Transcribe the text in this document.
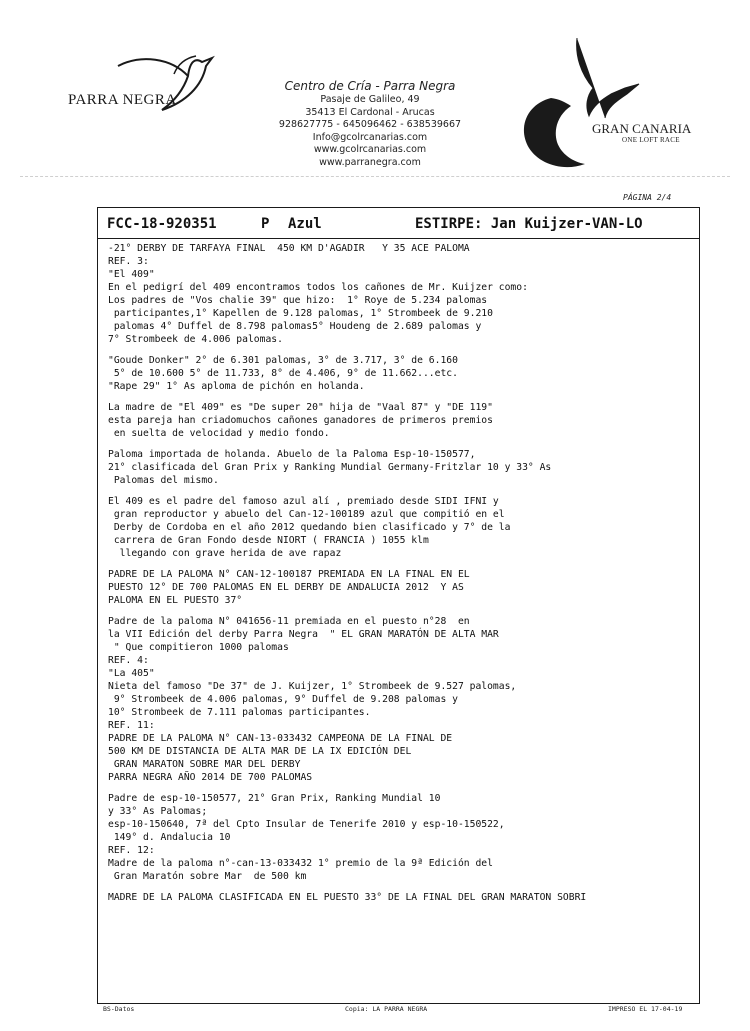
PARRA NEGRA
Centro de Cría - Parra Negra
Pasaje de Galileo, 49
35413 El Cardonal - Arucas
928627775 - 645096462 - 638539667
Info@gcolrcanarias.com
www.gcolrcanarias.com
www.parranegra.com
GRAN CANARIA
ONE LOFT RACE
PÁGINA 2/4
FCC-18-920351	P Azul	ESTIRPE: Jan Kuijzer-VAN-LO
-21° DERBY DE TARFAYA FINAL  450 KM D'AGADIR   Y 35 ACE PALOMA
REF. 3:
"El 409"
En el pedigrí del 409 encontramos todos los cañones de Mr. Kuijzer como:
Los padres de "Vos chalie 39" que hizo:  1° Roye de 5.234 palomas
participantes,1° Kapellen de 9.128 palomas, 1° Strombeek de 9.210
palomas 4° Duffel de 8.798 palomas5° Houdeng de 2.689 palomas y
7° Strombeek de 4.006 palomas.
"Goude Donker" 2° de 6.301 palomas, 3° de 3.717, 3° de 6.160
5° de 10.600 5° de 11.733, 8° de 4.406, 9° de 11.662...etc.
"Rape 29" 1° As aploma de pichón en holanda.
La madre de "El 409" es "De super 20" hija de "Vaal 87" y "DE 119"
esta pareja han criadomuchos cañones ganadores de primeros premios
en suelta de velocidad y medio fondo.
Paloma importada de holanda. Abuelo de la Paloma Esp-10-150577,
21° clasificada del Gran Prix y Ranking Mundial Germany-Fritzlar 10 y 33° As
Palomas del mismo.
El 409 es el padre del famoso azul alí , premiado desde SIDI IFNI y
gran reproductor y abuelo del Can-12-100189 azul que compitió en el
Derby de Cordoba en el año 2012 quedando bien clasificado y 7° de la
carrera de Gran Fondo desde NIORT ( FRANCIA ) 1055 klm
llegando con grave herida de ave rapaz
PADRE DE LA PALOMA N° CAN-12-100187 PREMIADA EN LA FINAL EN EL
PUESTO 12° DE 700 PALOMAS EN EL DERBY DE ANDALUCIA 2012  Y AS
PALOMA EN EL PUESTO 37°
Padre de la paloma N° 041656-11 premiada en el puesto n°28  en
la VII Edición del derby Parra Negra  " EL GRAN MARATÓN DE ALTA MAR
" Que compitieron 1000 palomas
REF. 4:
"La 405"
Nieta del famoso "De 37" de J. Kuijzer, 1° Strombeek de 9.527 palomas,
9° Strombeek de 4.006 palomas, 9° Duffel de 9.208 palomas y
10° Strombeek de 7.111 palomas participantes.
REF. 11:
PADRE DE LA PALOMA N° CAN-13-033432 CAMPEONA DE LA FINAL DE
500 KM DE DISTANCIA DE ALTA MAR DE LA IX EDICIÓN DEL
GRAN MARATON SOBRE MAR DEL DERBY
PARRA NEGRA AÑO 2014 DE 700 PALOMAS
Padre de esp-10-150577, 21° Gran Prix, Ranking Mundial 10
y 33° As Palomas;
esp-10-150640, 7ª del Cpto Insular de Tenerife 2010 y esp-10-150522,
149° d. Andalucia 10
REF. 12:
Madre de la paloma n°-can-13-033432 1° premio de la 9ª Edición del
Gran Maratón sobre Mar  de 500 km
MADRE DE LA PALOMA CLASIFICADA EN EL PUESTO 33° DE LA FINAL DEL GRAN MARATON SOBRI
BS-Datos	Copia: LA PARRA NEGRA	IMPRESO EL 17-04-19
